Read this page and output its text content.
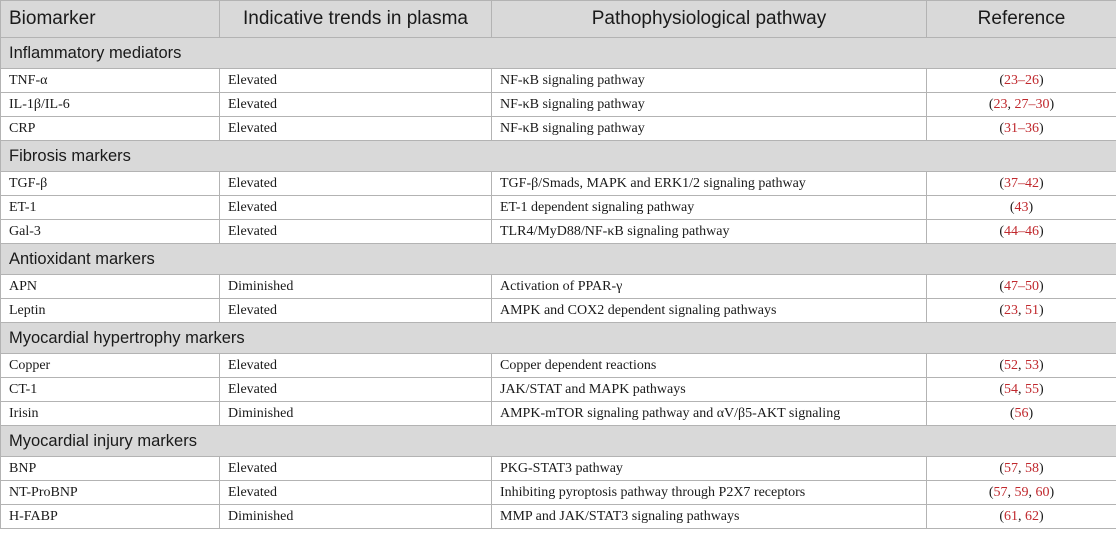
Biomarker	Indicative trends in plasma	Pathophysiological pathway	Reference
Inflammatory mediators			
TNF-α	Elevated	NF-κB signaling pathway	(23–26)
IL-1β/IL-6	Elevated	NF-κB signaling pathway	(23, 27–30)
CRP	Elevated	NF-κB signaling pathway	(31–36)
Fibrosis markers			
TGF-β	Elevated	TGF-β/Smads, MAPK and ERK1/2 signaling pathway	(37–42)
ET-1	Elevated	ET-1 dependent signaling pathway	(43)
Gal-3	Elevated	TLR4/MyD88/NF-κB signaling pathway	(44–46)
Antioxidant markers			
APN	Diminished	Activation of PPAR-γ	(47–50)
Leptin	Elevated	AMPK and COX2 dependent signaling pathways	(23, 51)
Myocardial hypertrophy markers			
Copper	Elevated	Copper dependent reactions	(52, 53)
CT-1	Elevated	JAK/STAT and MAPK pathways	(54, 55)
Irisin	Diminished	AMPK-mTOR signaling pathway and αV/β5-AKT signaling	(56)
Myocardial injury markers			
BNP	Elevated	PKG-STAT3 pathway	(57, 58)
NT-ProBNP	Elevated	Inhibiting pyroptosis pathway through P2X7 receptors	(57, 59, 60)
H-FABP	Diminished	MMP and JAK/STAT3 signaling pathways	(61, 62)
